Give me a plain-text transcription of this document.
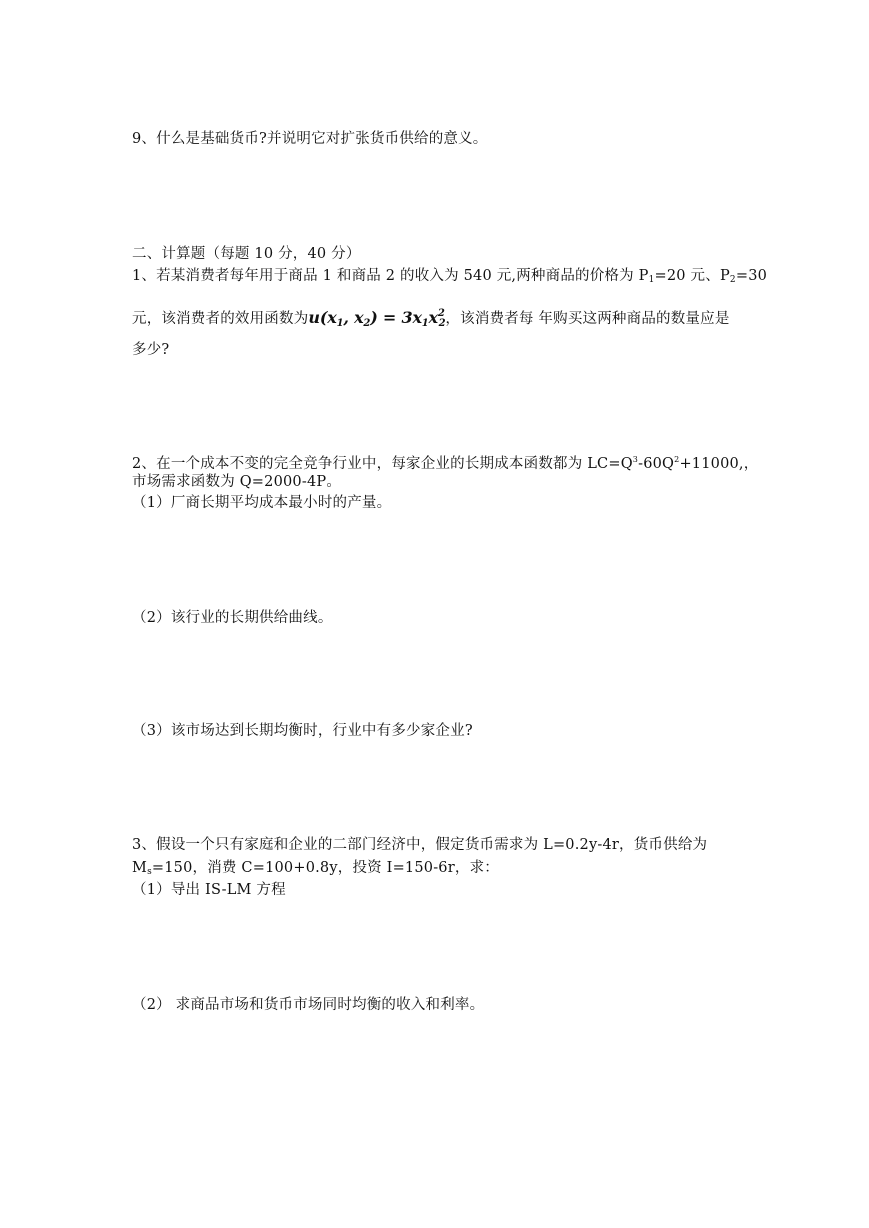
9、什么是基础货币?并说明它对扩张货币供给的意义。
二、计算题（每题 10 分，40 分）
1、若某消费者每年用于商品 1 和商品 2 的收入为 540 元,两种商品的价格为 $P_1=20$ 元、$P_2=30$
元，该消费者的效用函数为u(x1, x2) = 3x1x22，该消费者每 年购买这两种商品的数量应是
多少?
2、在一个成本不变的完全竞争行业中，每家企业的长期成本函数都为 $LC=Q^3-60Q^2+11000$,，
市场需求函数为 Q=2000-4P。
（1）厂商长期平均成本最小时的产量。
（2）该行业的长期供给曲线。
（3）该市场达到长期均衡时，行业中有多少家企业?
3、假设一个只有家庭和企业的二部门经济中，假定货币需求为 L=0.2y-4r，货币供给为
$M_s=150$，消费 C=100+0.8y，投资 I=150-6r，求：
（1）导出 IS-LM 方程
（2） 求商品市场和货币市场同时均衡的收入和利率。
